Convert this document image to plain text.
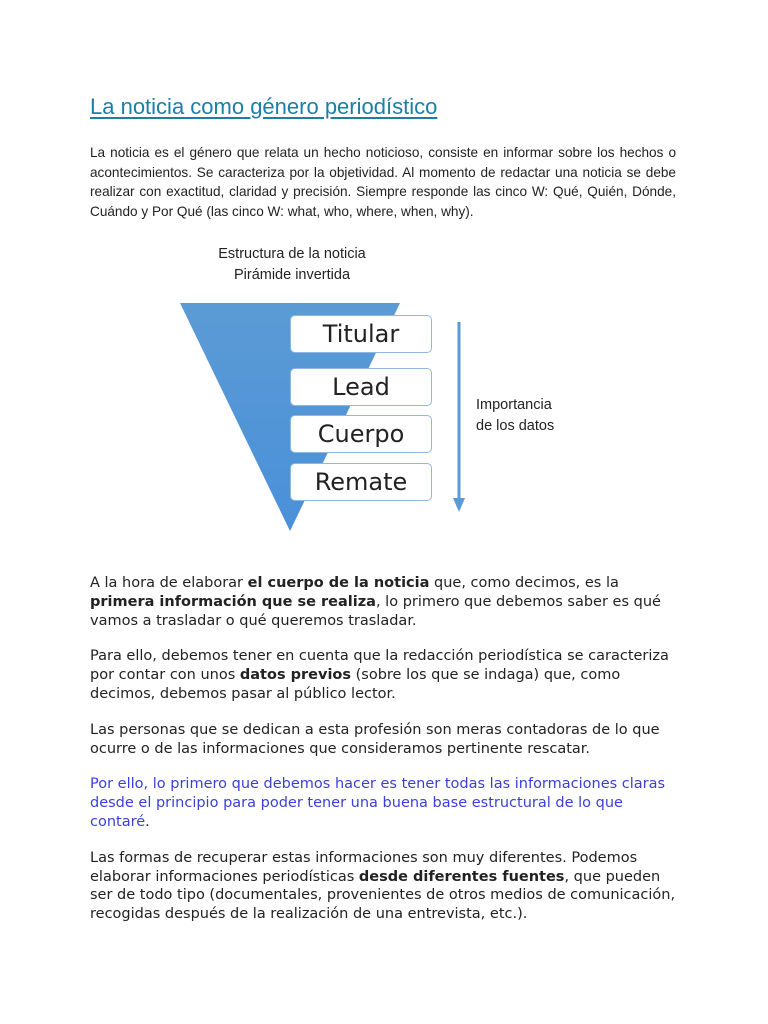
La noticia como género periodístico
La noticia es el género que relata un hecho noticioso, consiste en informar sobre los hechos o acontecimientos. Se caracteriza por la objetividad. Al momento de redactar una noticia se debe realizar con exactitud, claridad y precisión. Siempre responde las cinco W: Qué, Quién, Dónde, Cuándo y Por Qué (las cinco W: what, who, where, when, why).
Estructura de la noticia
Pirámide invertida
Titular
Lead
Cuerpo
Remate
Importancia
de los datos

A la hora de elaborar el cuerpo de la noticia que, como decimos, es la primera información que se realiza, lo primero que debemos saber es qué vamos a trasladar o qué queremos trasladar.

Para ello, debemos tener en cuenta que la redacción periodística se caracteriza por contar con unos datos previos (sobre los que se indaga) que, como decimos, debemos pasar al público lector.

Las personas que se dedican a esta profesión son meras contadoras de lo que ocurre o de las informaciones que consideramos pertinente rescatar.

Por ello, lo primero que debemos hacer es tener todas las informaciones claras desde el principio para poder tener una buena base estructural de lo que contaré.

Las formas de recuperar estas informaciones son muy diferentes. Podemos elaborar informaciones periodísticas desde diferentes fuentes, que pueden ser de todo tipo (documentales, provenientes de otros medios de comunicación, recogidas después de la realización de una entrevista, etc.).
